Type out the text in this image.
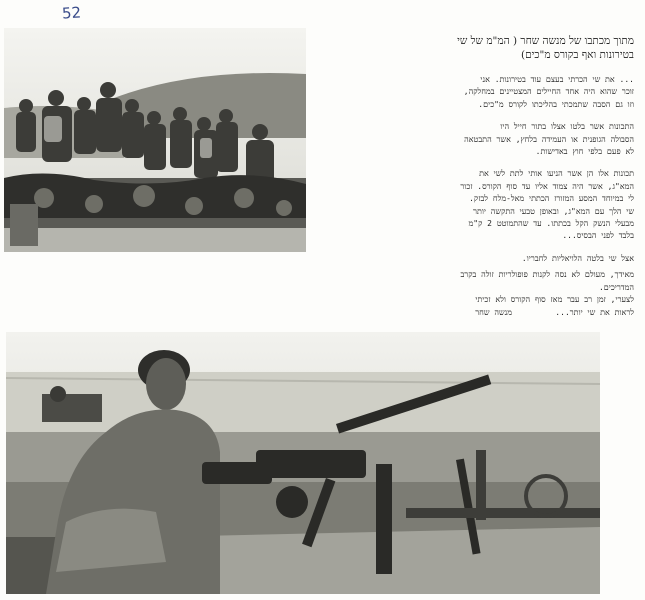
52
מתוך מכתבו של מנשה שחר ( המ"מ של שי
בטירונות ואף בקורס מ"כים)

... את שי הכרתי בעצם עוד בטירונות. אני
זוכר שהוא היה אחד החיילים המצטיינים במחלקה,
וזו גם הסבה שתמכתי בהליכתו לקורס מ"כים.

התכונות אשר בלטו אצלו בתור חייל היו
הסבולה הגופנית או העמידה בלחץ, אשר התבטאה
לא פעם בלפי חוץ באדישות.

תכונות אלו הן אשר הניעו אותי לתת לשי את
המא"ג, אשר היה צמוד אליו עד סוף הקורס. זכור
לי במיוחד המסע המזורז הכתתי מאל-מלח לבזק.
שי הלך עם המא"ג, ובאופן טבעי התקשה יותר
מבעלי הנשק הקל בכתתו. עד שהתמוטט 2 ק"מ
בלבד לפני הבסיס...

אצל שי בלטה הלויאליות לחבריו.

מאידך, מעולם לא נסה לקנות פופולריות זולה בקרב
המדריכים.

לצערי, זמן רב עבר מאז סוף הקורס ולא זכיתי
לראות את שי יותר...         מנשה שחר
